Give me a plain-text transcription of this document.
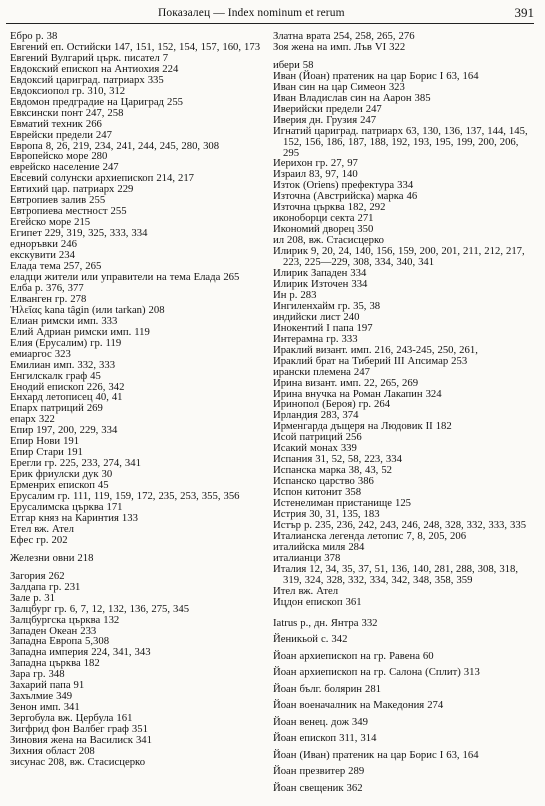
Показалец — Index nominum et rerum	391
Ебро р. 38
Евгений еп. Остийски 147, 151, 152, 154, 157, 160, 173
Евгений Вулгарий църк. писател 7
Евдокский епископ на Антиохия 224
Евдоксий цариград. патриарх 335
Евдоксиопол гр. 310, 312
Евдомон предградие на Цариград 255
Евксински понт 247, 258
Евматий техник 266
Еврейски предели 247
Европа 8, 26, 219, 234, 241, 244, 245, 280, 308
Европейско море 280
еврейско население 247
Евсевий солунски архиепископ 214, 217
Евтихий цар. патриарх 229
Евтропиев залив 255
Евтропиева местност 255
Егейско море 215
Египет 229, 319, 325, 333, 334
едноръвки 246
екскувити 234
Елада тема 257, 265
еладци жители или управители на тема Елада 265
Елба р. 376, 377
Елванген гр. 278
Ἠλεῖας kana tâgin (или tarkan) 208
Елиан римски имп. 333
Елий Адриан римски имп. 119
Елия (Ерусалим) гр. 119
емиаргос 323
Емилиан имп. 332, 333
Енгилскалк граф 45
Енодий епископ 226, 342
Енхард летописец 40, 41
Епарх патриций 269
епарх 322
Епир 197, 200, 229, 334
Епир Нови 191
Епир Стари 191
Ерегли гр. 225, 233, 274, 341
Ерик фриулски дук 30
Ерменрих епископ 45
Ерусалим гр. 111, 119, 159, 172, 235, 253, 355, 356
Ерусалимска църква 171
Етгар княз на Каринтия 133
Етел вж. Ател
Ефес гр. 202
Железни овни 218
Загория 262
Залдапа гр. 231
Зале р. 31
Залцбург гр. 6, 7, 12, 132, 136, 275, 345
Залцбургска църква 132
Западен Океан 233
Западна Европа 5,308
Западна империя 224, 341, 343
Западна църква 182
Зара гр. 348
Захарий папа 91
Захълмие 349
Зенон имп. 341
Зергобула вж. Цербула 161
Зигфрид фон Валбег граф 351
Зиновия жена на Василиск 341
Зихния област 208
зисунас 208, вж. Стасисцерко
Златна врата 254, 258, 265, 276
Зоя жена на имп. Лъв VI 322
ибери 58
Иван (Йоан) пратеник на цар Борис I 63, 164
Иван син на цар Симеон 323
Иван Владислав син на Аарон 385
Иверийски предели 247
Иверия дн. Грузия 247
Игнатий цариград. патриарх 63, 130, 136, 137, 144, 145, 152, 156, 186, 187, 188, 192, 193, 195, 199, 200, 206, 295
Иерихон гр. 27, 97
Израил 83, 97, 140
Изток (Oriens) префектура 334
Източна (Австрийска) марка 46
Източна църква 182, 292
иконоборци секта 271
Икономий дворец 350
ил 208, вж. Стасисцерко
Илирик 9, 20, 24, 140, 156, 159, 200, 201, 211, 212, 217, 223, 225—229, 308, 334, 340, 341
Илирик Западен 334
Илирик Източен 334
Ин р. 283
Ингиленхайм гр. 35, 38
индийски лист 240
Инокентий I папа 197
Интерамна гр. 333
Ираклий визант. имп. 216, 243-245, 250, 261,
Ираклий брат на Тиберий III Апсимар 253
ирански племена 247
Ирина визант. имп. 22, 265, 269
Ирина внучка на Роман Лакапин 324
Иринопол (Берoя) гр. 264
Ирландия 283, 374
Ирменгарда дъщеря на Людовик II 182
Исой патриций 256
Исакий монах 339
Испания 31, 52, 58, 223, 334
Испанска марка 38, 43, 52
Испанско царство 386
Испон китонит 358
Истенелиман пристанище 125
Истрия 30, 31, 135, 183
Истър р. 235, 236, 242, 243, 246, 248, 328, 332, 333, 335
Италианска легенда летопис 7, 8, 205, 206
италийска миля 284
италианци 378
Италия 12, 34, 35, 37, 51, 136, 140, 281, 288, 308, 318, 319, 324, 328, 332, 334, 342, 348, 358, 359
Ител вж. Ател
Ицдон епископ 361
Iatrus р., дн. Янтра 332
Йеникьой с. 342
Йоан архиепископ на гр. Равена 60
Йоан архиепископ на гр. Салона (Сплит) 313
Йоан бълг. болярин 281
Йоан военачалник на Македония 274
Йоан венец. дож 349
Йоан епископ 311, 314
Йоан (Иван) пратеник на цар Борис I 63, 164
Йоан презвитер 289
Йоан свещеник 362
